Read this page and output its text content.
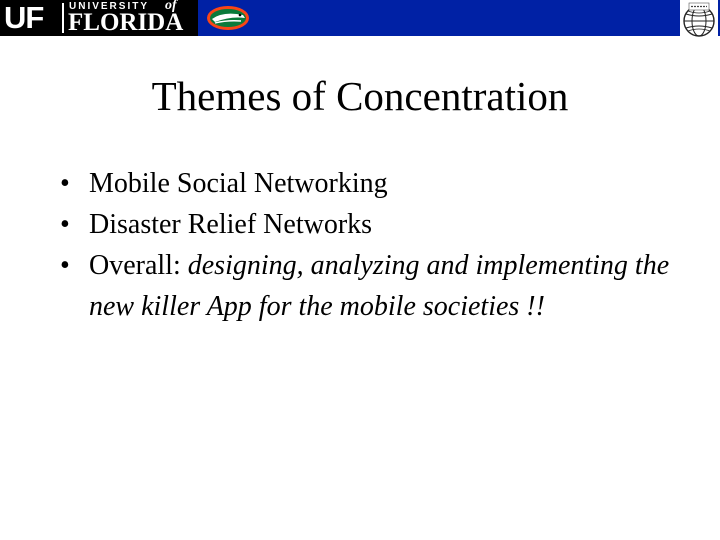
UF	UNIVERSITY of
FLORIDA
Themes of Concentration
• Mobile Social Networking
• Disaster Relief Networks
• Overall: designing, analyzing and implementing the new killer App for the mobile societies !!
